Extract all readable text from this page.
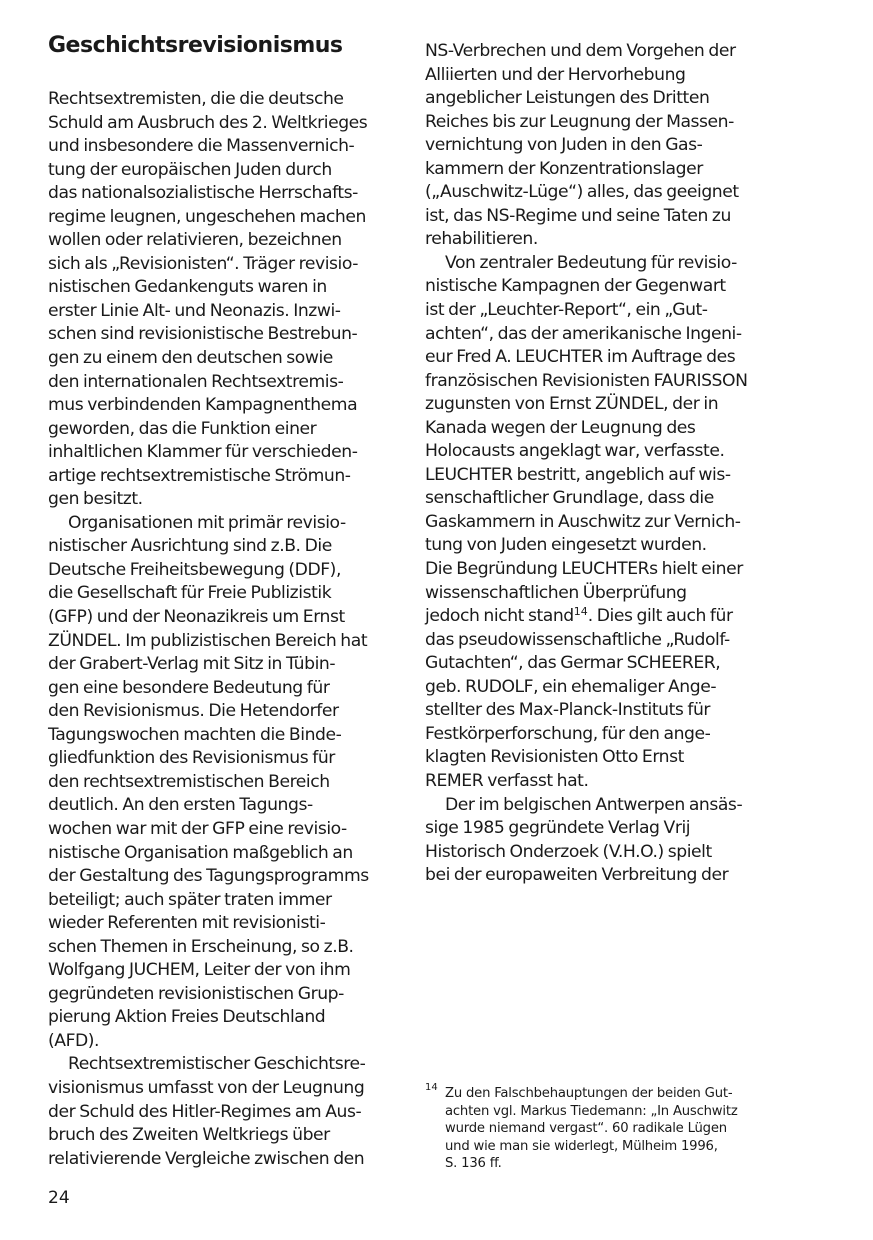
Geschichtsrevisionismus
Rechtsextremisten, die die deutsche
Schuld am Ausbruch des 2. Weltkrieges
und insbesondere die Massenvernich-
tung der europäischen Juden durch
das nationalsozialistische Herrschafts-
regime leugnen, ungeschehen machen
wollen oder relativieren, bezeichnen
sich als „Revisionisten“. Träger revisio-
nistischen Gedankenguts waren in
erster Linie Alt- und Neonazis. Inzwi-
schen sind revisionistische Bestrebun-
gen zu einem den deutschen sowie
den internationalen Rechtsextremis-
mus verbindenden Kampagnenthema
geworden, das die Funktion einer
inhaltlichen Klammer für verschieden-
artige rechtsextremistische Strömun-
gen besitzt.
Organisationen mit primär revisio-
nistischer Ausrichtung sind z.B. Die
Deutsche Freiheitsbewegung (DDF),
die Gesellschaft für Freie Publizistik
(GFP) und der Neonazikreis um Ernst
ZÜNDEL. Im publizistischen Bereich hat
der Grabert-Verlag mit Sitz in Tübin-
gen eine besondere Bedeutung für
den Revisionismus. Die Hetendorfer
Tagungswochen machten die Binde-
gliedfunktion des Revisionismus für
den rechtsextremistischen Bereich
deutlich. An den ersten Tagungs-
wochen war mit der GFP eine revisio-
nistische Organisation maßgeblich an
der Gestaltung des Tagungsprogramms
beteiligt; auch später traten immer
wieder Referenten mit revisionisti-
schen Themen in Erscheinung, so z.B.
Wolfgang JUCHEM, Leiter der von ihm
gegründeten revisionistischen Grup-
pierung Aktion Freies Deutschland
(AFD).
Rechtsextremistischer Geschichtsre-
visionismus umfasst von der Leugnung
der Schuld des Hitler-Regimes am Aus-
bruch des Zweiten Weltkriegs über
relativierende Vergleiche zwischen den
NS-Verbrechen und dem Vorgehen der
Alliierten und der Hervorhebung
angeblicher Leistungen des Dritten
Reiches bis zur Leugnung der Massen-
vernichtung von Juden in den Gas-
kammern der Konzentrationslager
(„Auschwitz-Lüge“) alles, das geeignet
ist, das NS-Regime und seine Taten zu
rehabilitieren.
Von zentraler Bedeutung für revisio-
nistische Kampagnen der Gegenwart
ist der „Leuchter-Report“, ein „Gut-
achten“, das der amerikanische Ingeni-
eur Fred A. LEUCHTER im Auftrage des
französischen Revisionisten FAURISSON
zugunsten von Ernst ZÜNDEL, der in
Kanada wegen der Leugnung des
Holocausts angeklagt war, verfasste.
LEUCHTER bestritt, angeblich auf wis-
senschaftlicher Grundlage, dass die
Gaskammern in Auschwitz zur Vernich-
tung von Juden eingesetzt wurden.
Die Begründung LEUCHTERs hielt einer
wissenschaftlichen Überprüfung
jedoch nicht stand$^{14}$. Dies gilt auch für
das pseudowissenschaftliche „Rudolf-
Gutachten“, das Germar SCHEERER,
geb. RUDOLF, ein ehemaliger Ange-
stellter des Max-Planck-Instituts für
Festkörperforschung, für den ange-
klagten Revisionisten Otto Ernst
REMER verfasst hat.
Der im belgischen Antwerpen ansäs-
sige 1985 gegründete Verlag Vrij
Historisch Onderzoek (V.H.O.) spielt
bei der europaweiten Verbreitung der
14 Zu den Falschbehauptungen der beiden Gut-
achten vgl. Markus Tiedemann: „In Auschwitz
wurde niemand vergast“. 60 radikale Lügen
und wie man sie widerlegt, Mülheim 1996,
S. 136 ff.
24
